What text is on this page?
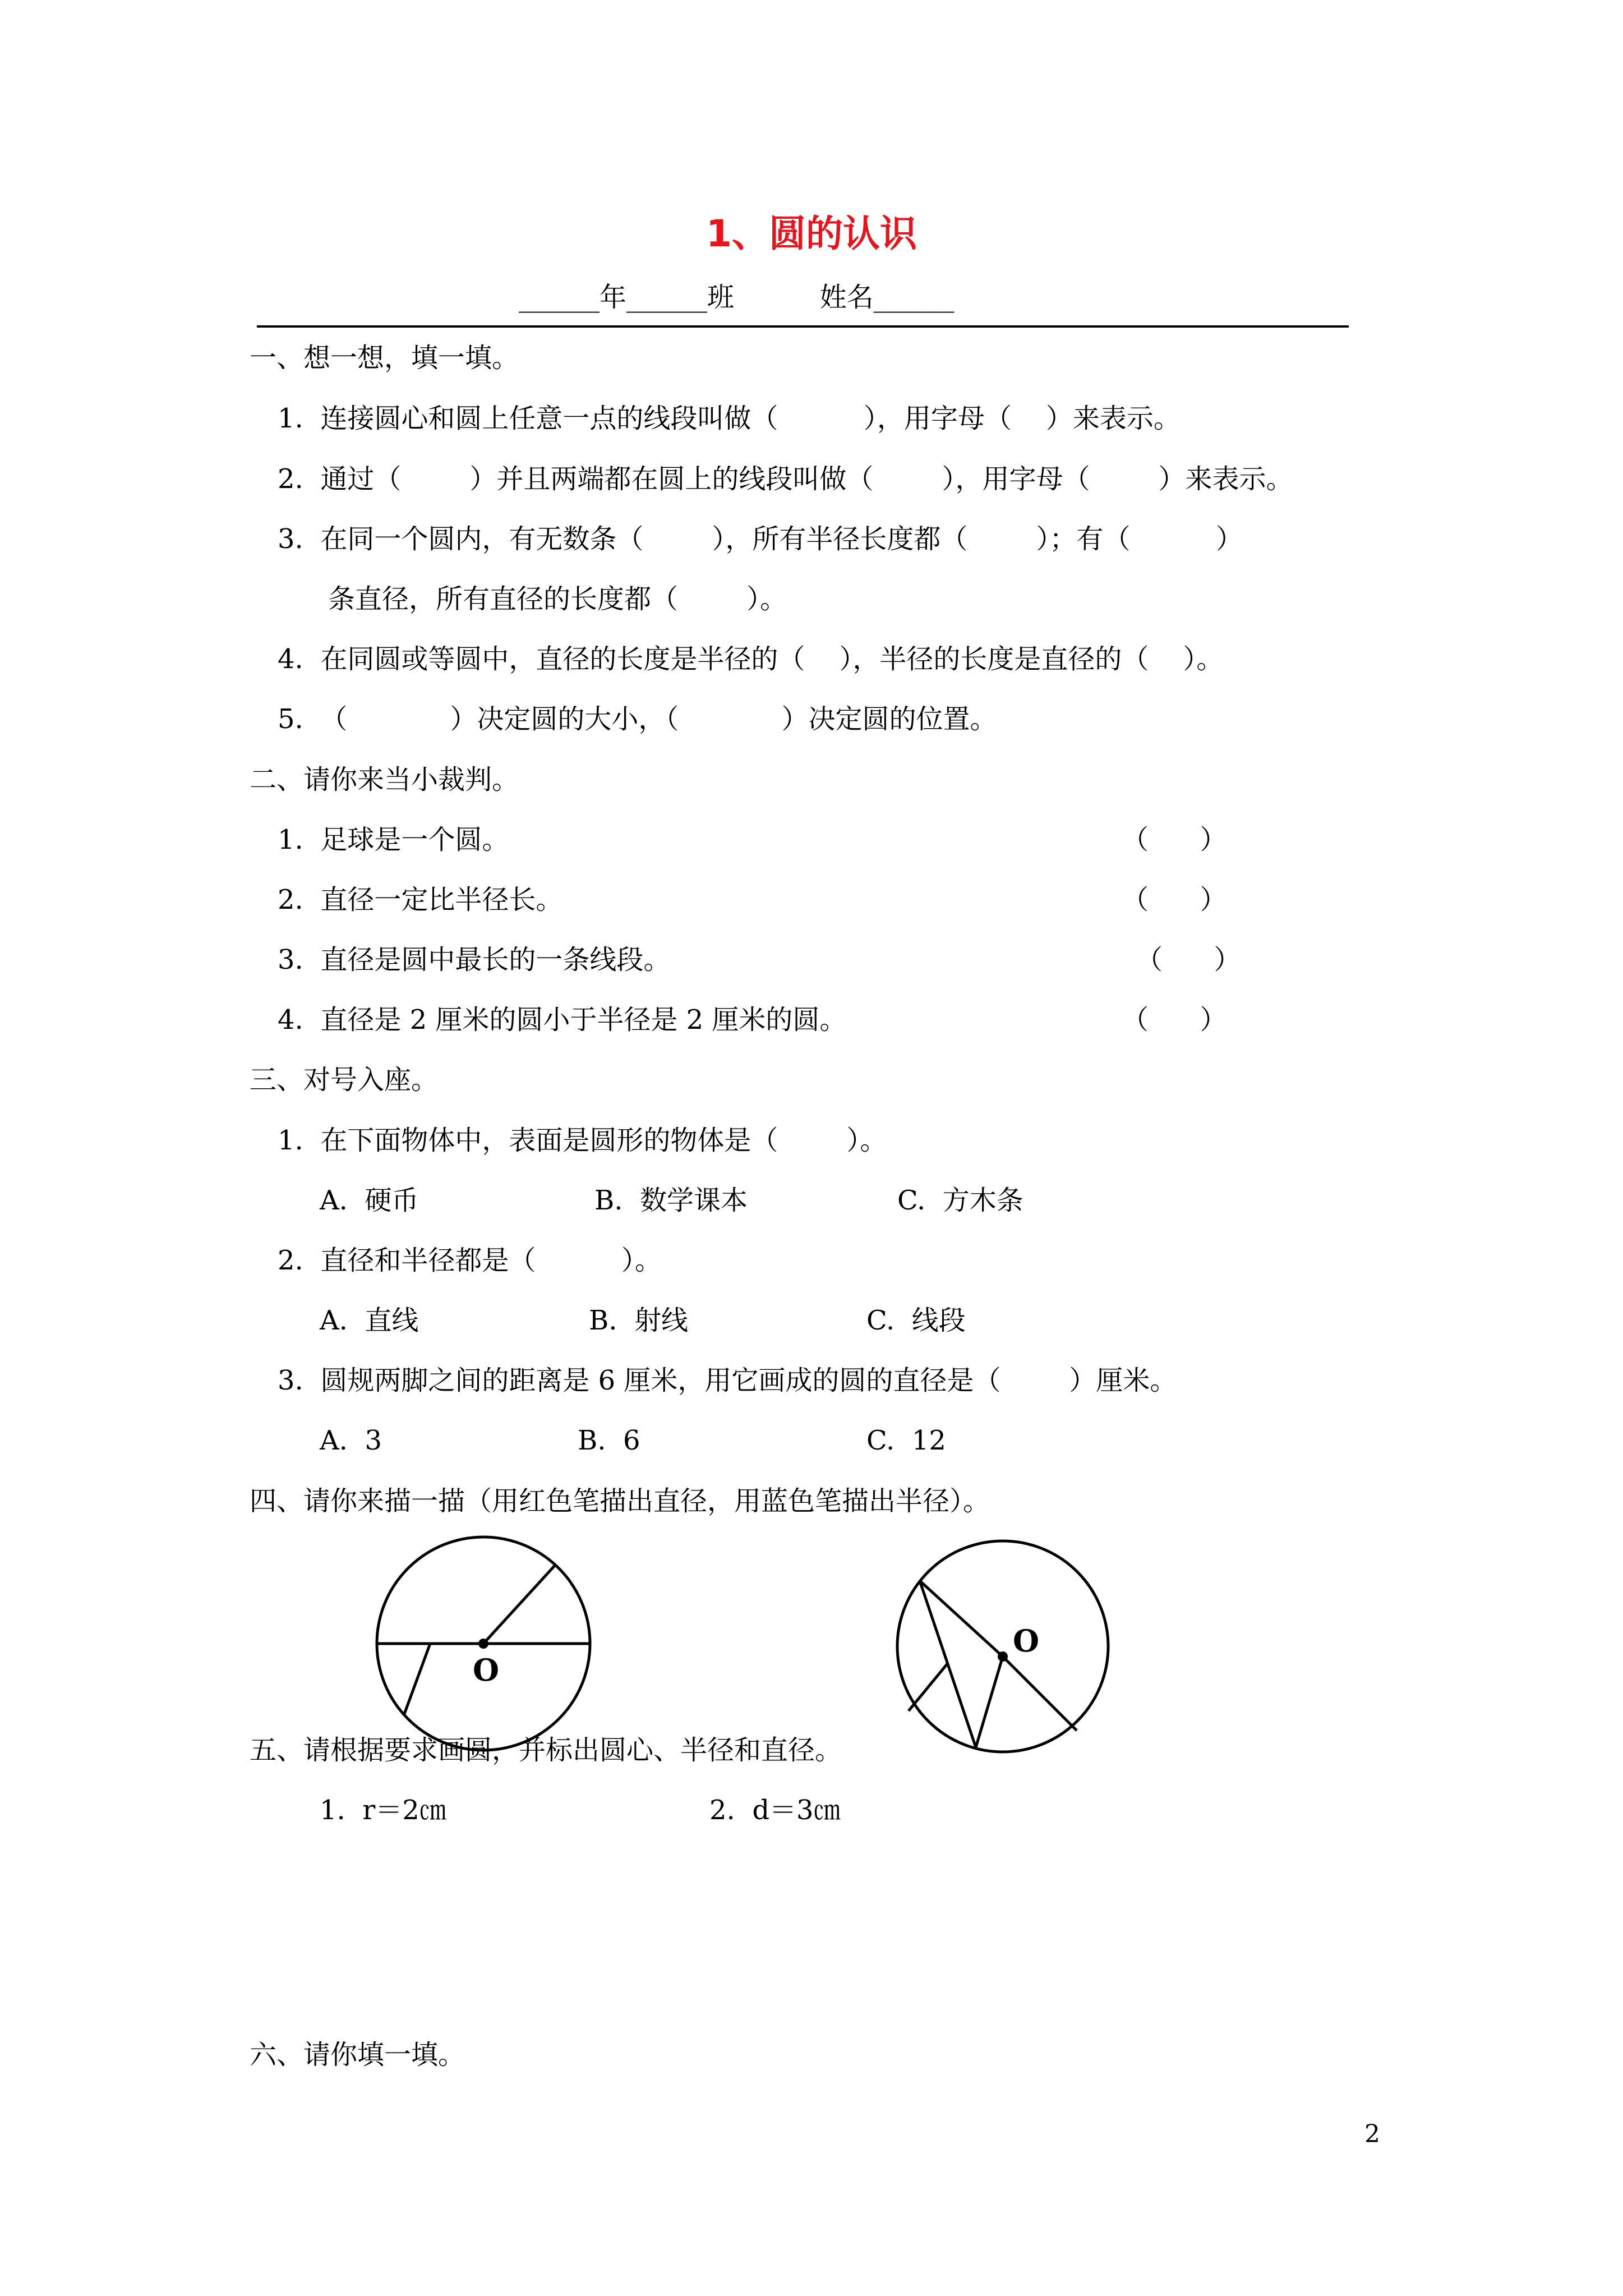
1、圆的认识
______年______班          姓名______
一、想一想，填一填。
1.  连接圆心和圆上任意一点的线段叫做（          ），用字母（    ）来表示。
2.  通过（        ）并且两端都在圆上的线段叫做（        ），用字母（        ）来表示。
3.  在同一个圆内，有无数条（        ），所有半径长度都（        ）；有（          ）
条直径，所有直径的长度都（        ）。
4.  在同圆或等圆中，直径的长度是半径的（    ），半径的长度是直径的（    ）。
5.  （            ）决定圆的大小，（            ）决定圆的位置。
二、请你来当小裁判。
1.  足球是一个圆。	（      ）
2.  直径一定比半径长。	（      ）
3.  直径是圆中最长的一条线段。	（      ）
4.  直径是 2 厘米的圆小于半径是 2 厘米的圆。	（      ）
三、对号入座。
1.  在下面物体中，表面是圆形的物体是（        ）。
A.  硬币	B.  数学课本	C.  方木条
2.  直径和半径都是（          ）。
A.  直线	B.  射线	C.  线段
3.  圆规两脚之间的距离是 6 厘米，用它画成的圆的直径是（        ）厘米。
A.  3	B.  6	C.  12
四、请你来描一描（用红色笔描出直径，用蓝色笔描出半径）。
O
O
五、请根据要求画圆，并标出圆心、半径和直径。
1.  r＝2㎝	2.  d＝3㎝
六、请你填一填。
2
